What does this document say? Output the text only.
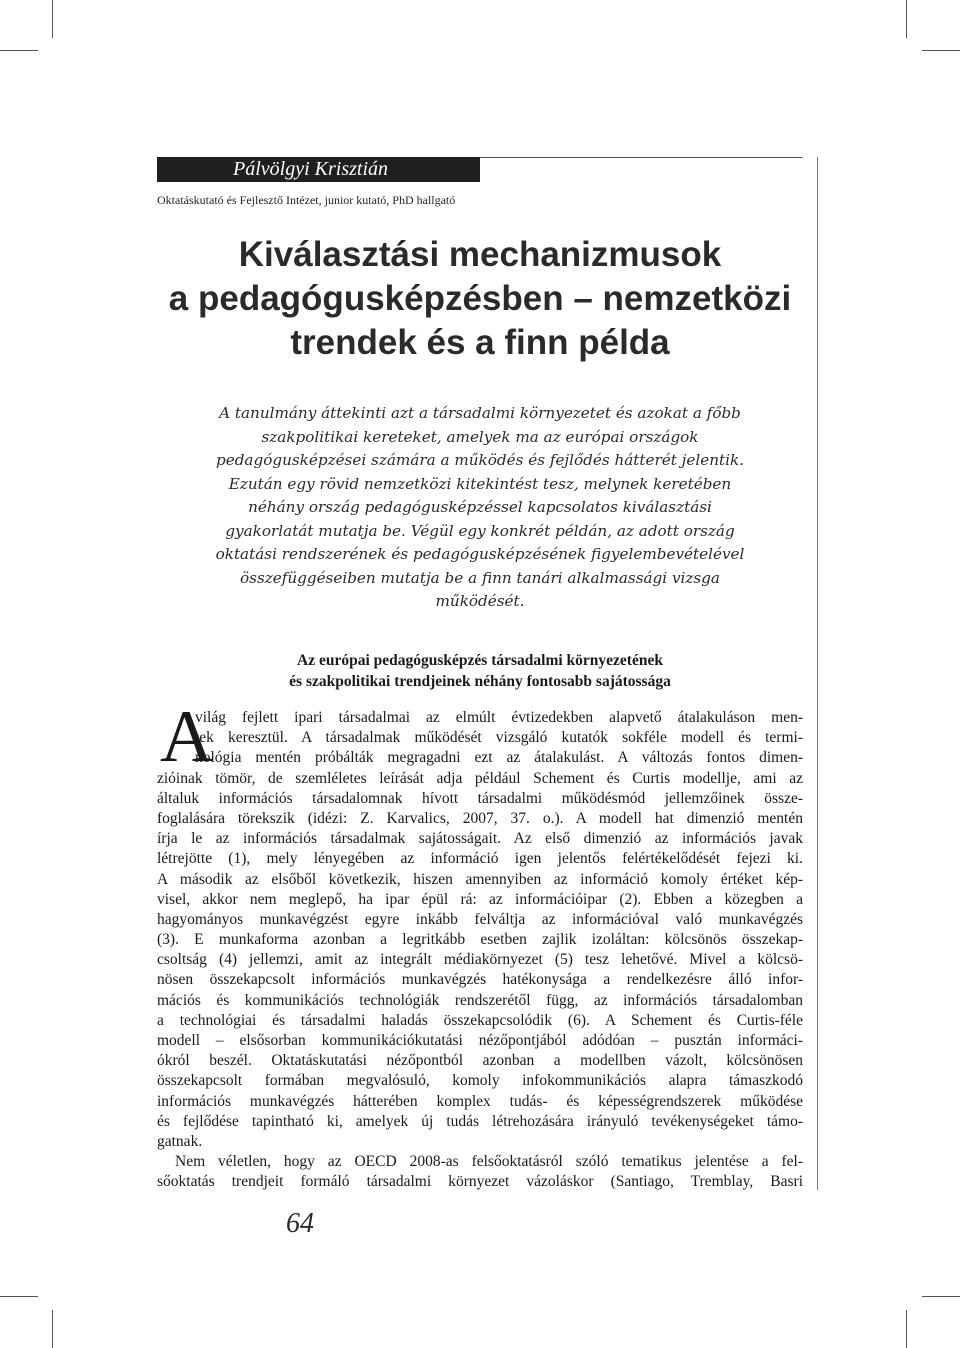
Pálvölgyi Krisztián
Oktatáskutató és Fejlesztő Intézet, junior kutató, PhD hallgató
Kiválasztási mechanizmusok
a pedagógusképzésben – nemzetközi
trendek és a finn példa
A tanulmány áttekinti azt a társadalmi környezetet és azokat a főbb
szakpolitikai kereteket, amelyek ma az európai országok
pedagógusképzései számára a működés és fejlődés hátterét jelentik.
Ezután egy rövid nemzetközi kitekintést tesz, melynek keretében
néhány ország pedagógusképzéssel kapcsolatos kiválasztási
gyakorlatát mutatja be. Végül egy konkrét példán, az adott ország
oktatási rendszerének és pedagógusképzésének figyelembevételével
összefüggéseiben mutatja be a finn tanári alkalmassági vizsga
működését.
Az európai pedagógusképzés társadalmi környezetének
és szakpolitikai trendjeinek néhány fontosabb sajátossága
A
világ fejlett ipari társadalmai az elmúlt évtizedekben alapvető átalakuláson men-
tek keresztül. A társadalmak működését vizsgáló kutatók sokféle modell és termi-
nológia mentén próbálták megragadni ezt az átalakulást. A változás fontos dimen-
zióinak tömör, de szemléletes leírását adja például Schement és Curtis modellje, ami az
általuk információs társadalomnak hívott társadalmi működésmód jellemzőinek össze-
foglalására törekszik (idézi: Z. Karvalics, 2007, 37. o.). A modell hat dimenzió mentén
írja le az információs társadalmak sajátosságait. Az első dimenzió az információs javak
létrejötte (1), mely lényegében az információ igen jelentős felértékelődését fejezi ki.
A második az elsőből következik, hiszen amennyiben az információ komoly értéket kép-
visel, akkor nem meglepő, ha ipar épül rá: az információipar (2). Ebben a közegben a
hagyományos munkavégzést egyre inkább felváltja az információval való munkavégzés
(3). E munkaforma azonban a legritkább esetben zajlik izoláltan: kölcsönös összekap-
csoltság (4) jellemzi, amit az integrált médiakörnyezet (5) tesz lehetővé. Mivel a kölcsö-
nösen összekapcsolt információs munkavégzés hatékonysága a rendelkezésre álló infor-
mációs és kommunikációs technológiák rendszerétől függ, az információs társadalomban
a technológiai és társadalmi haladás összekapcsolódik (6). A Schement és Curtis-féle
modell – elsősorban kommunikációkutatási nézőpontjából adódóan – pusztán informáci-
ókról beszél. Oktatáskutatási nézőpontból azonban a modellben vázolt, kölcsönösen
összekapcsolt formában megvalósuló, komoly infokommunikációs alapra támaszkodó
információs munkavégzés hátterében komplex tudás- és képességrendszerek működése
és fejlődése tapintható ki, amelyek új tudás létrehozására irányuló tevékenységeket támo-
gatnak.
Nem véletlen, hogy az OECD 2008-as felsőoktatásról szóló tematikus jelentése a fel-
sőoktatás trendjeit formáló társadalmi környezet vázoláskor (Santiago, Tremblay, Basri
64
